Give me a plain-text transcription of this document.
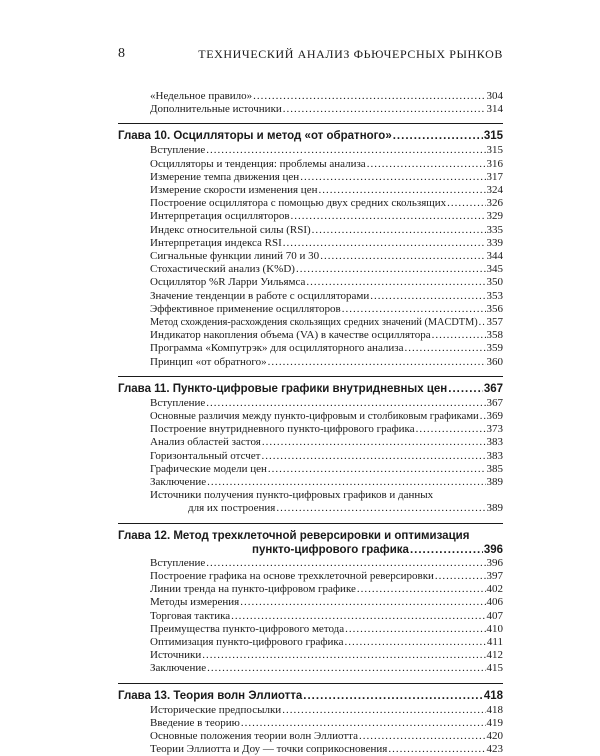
8	ТЕХНИЧЕСКИЙ АНАЛИЗ ФЬЮЧЕРСНЫХ РЫНКОВ
«Недельное правило» .....	304
Дополнительные источники .....	314
Глава 10. Осцилляторы и метод «от обратного» .....	315
Вступление .....	315
Осцилляторы и тенденция: проблемы анализа .....	316
Измерение темпа движения цен .....	317
Измерение скорости изменения цен .....	324
Построение осциллятора с помощью двух средних скользящих .....	326
Интерпретация осцилляторов .....	329
Индекс относительной силы (RSI) .....	335
Интерпретация индекса RSI .....	339
Сигнальные функции линий 70 и 30 .....	344
Стохастический анализ (K%D) .....	345
Осциллятор %R Ларри Уильямса .....	350
Значение тенденции в работе с осцилляторами .....	353
Эффективное применение осцилляторов .....	356
Метод схождения-расхождения скользящих средних значений (MACDTM) ..... 357
Индикатор накопления объема (VA) в качестве осциллятора .....	358
Программа «Компутрэк» для осцилляторного анализа .....	359
Принцип «от обратного» .....	360
Глава 11. Пункто-цифровые графики внутридневных цен .....	367
Вступление .....	367
Основные различия между пункто-цифровым и столбиковым графиками ..... 369
Построение внутридневного пункто-цифрового графика .....	373
Анализ областей застоя .....	383
Горизонтальный отсчет .....	383
Графические модели цен .....	385
Заключение .....	389
Источники получения пункто-цифровых графиков и данных
для их построения .....	389
Глава 12. Метод трехклеточной реверсировки и оптимизация
пункто-цифрового графика .....	396
Вступление .....	396
Построение графика на основе трехклеточной реверсировки .....	397
Линии тренда на пункто-цифровом графике .....	402
Методы измерения .....	406
Торговая тактика .....	407
Преимущества пункто-цифрового метода .....	410
Оптимизация пункто-цифрового графика .....	411
Источники .....	412
Заключение .....	415
Глава 13. Теория волн Эллиотта .....	418
Исторические предпосылки .....	418
Введение в теорию .....	419
Основные положения теории волн Эллиотта .....	420
Теории Эллиотта и Доу — точки соприкосновения .....	423
